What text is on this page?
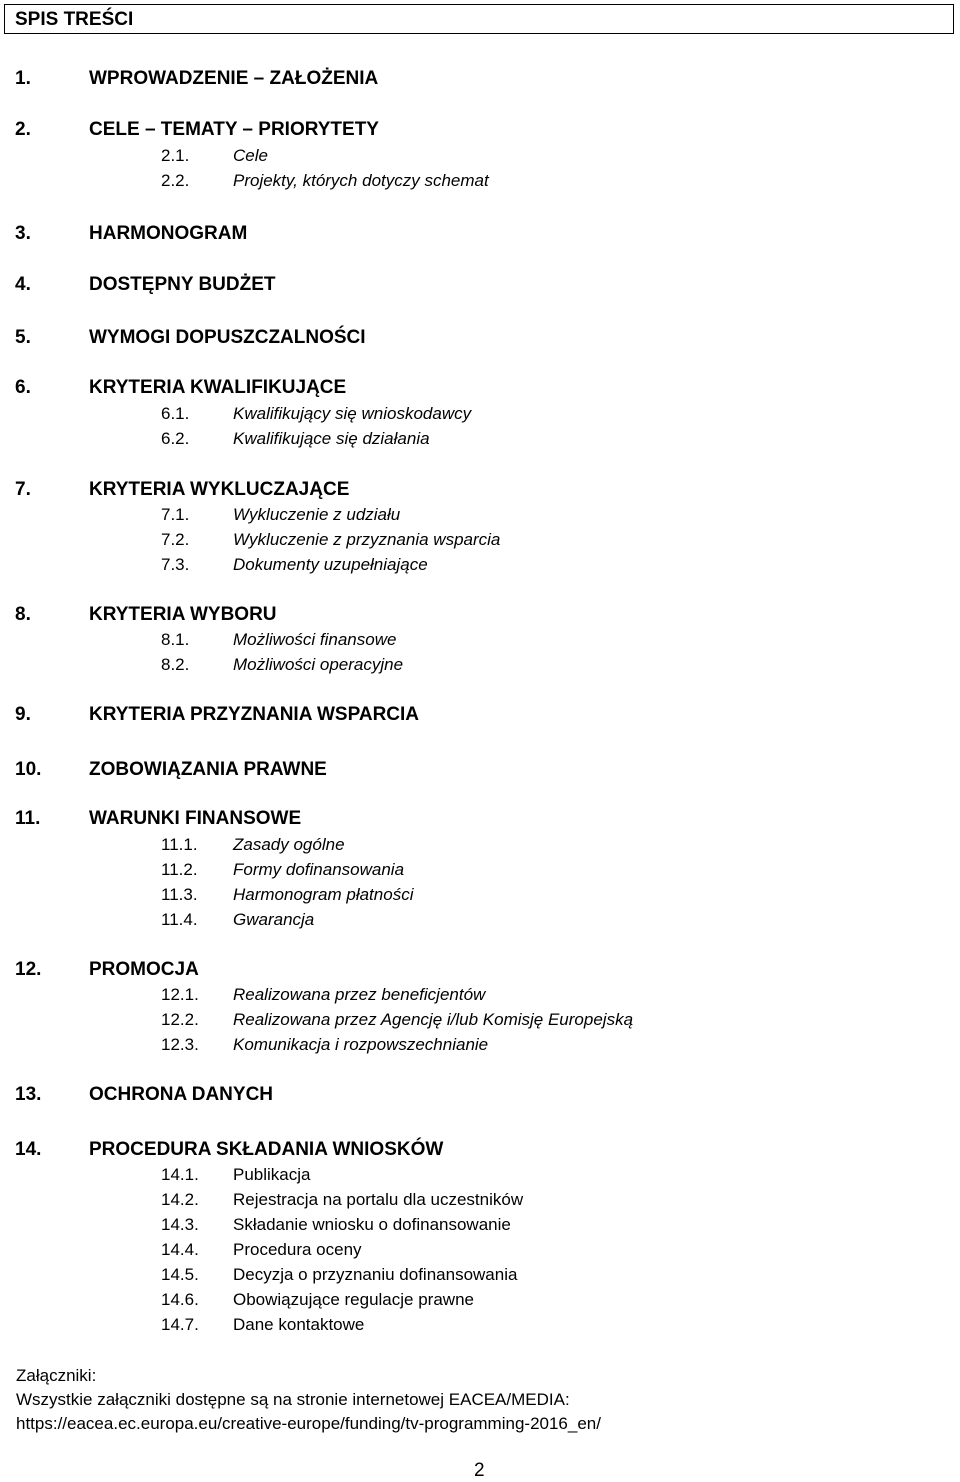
SPIS TREŚCI
1.	WPROWADZENIE – ZAŁOŻENIA
2.	CELE – TEMATY – PRIORYTETY
2.1.	Cele
2.2.	Projekty, których dotyczy schemat
3.	HARMONOGRAM
4.	DOSTĘPNY BUDŻET
5.	WYMOGI DOPUSZCZALNOŚCI
6.	KRYTERIA KWALIFIKUJĄCE
6.1.	Kwalifikujący się wnioskodawcy
6.2.	Kwalifikujące się działania
7.	KRYTERIA WYKLUCZAJĄCE
7.1.	Wykluczenie z udziału
7.2.	Wykluczenie z przyznania wsparcia
7.3.	Dokumenty uzupełniające
8.	KRYTERIA WYBORU
8.1.	Możliwości finansowe
8.2.	Możliwości operacyjne
9.	KRYTERIA PRZYZNANIA WSPARCIA
10.	ZOBOWIĄZANIA PRAWNE
11.	WARUNKI FINANSOWE
11.1. Zasady ogólne
11.2. Formy dofinansowania
11.3. Harmonogram płatności
11.4. Gwarancja
12.	PROMOCJA
12.1. Realizowana przez beneficjentów
12.2. Realizowana przez Agencję i/lub Komisję Europejską
12.3. Komunikacja i rozpowszechnianie
13.	OCHRONA DANYCH
14.	PROCEDURA SKŁADANIA WNIOSKÓW
14.1. Publikacja
14.2. Rejestracja na portalu dla uczestników
14.3. Składanie wniosku o dofinansowanie
14.4. Procedura oceny
14.5. Decyzja o przyznaniu dofinansowania
14.6. Obowiązujące regulacje prawne
14.7. Dane kontaktowe
Załączniki:
Wszystkie załączniki dostępne są na stronie internetowej EACEA/MEDIA:
https://eacea.ec.europa.eu/creative-europe/funding/tv-programming-2016_en/
2
